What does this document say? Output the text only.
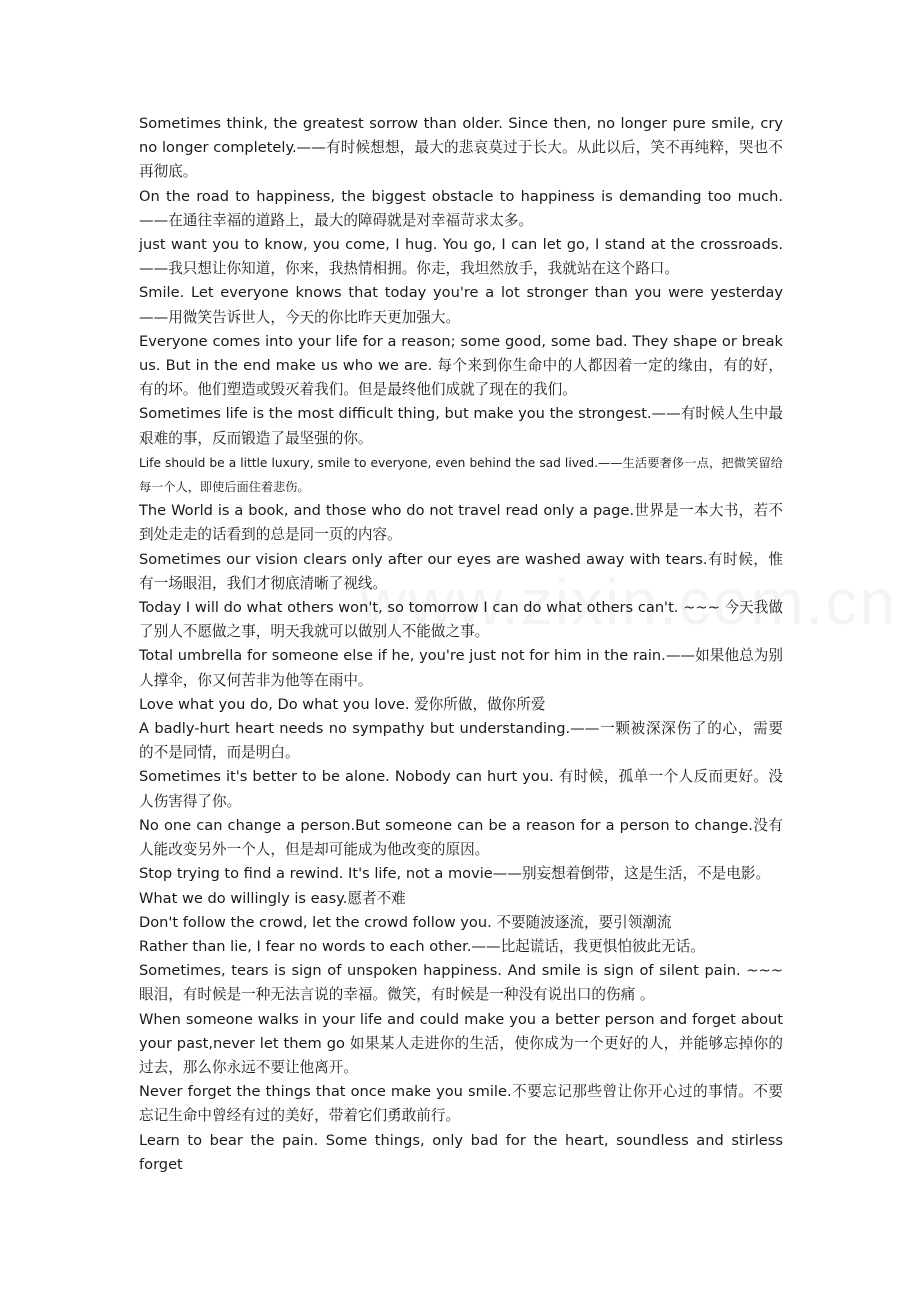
Sometimes think, the greatest sorrow than older. Since then, no longer pure smile, cry no longer completely.——有时候想想，最大的悲哀莫过于长大。从此以后，笑不再纯粹，哭也不再彻底。

On the road to happiness, the biggest obstacle to happiness is demanding too much.——在通往幸福的道路上，最大的障碍就是对幸福苛求太多。

just want you to know, you come, I hug. You go, I can let go, I stand at the crossroads.——我只想让你知道，你来，我热情相拥。你走，我坦然放手，我就站在这个路口。

Smile. Let everyone knows that today you're a lot stronger than you were yesterday——用微笑告诉世人，今天的你比昨天更加强大。

Everyone comes into your life for a reason; some good, some bad. They shape or break us. But in the end make us who we are. 每个来到你生命中的人都因着一定的缘由，有的好，有的坏。他们塑造或毁灭着我们。但是最终他们成就了现在的我们。

Sometimes life is the most difficult thing, but make you the strongest.——有时候人生中最艰难的事，反而锻造了最坚强的你。

Life should be a little luxury, smile to everyone, even behind the sad lived.——生活要奢侈一点，把微笑留给每一个人，即使后面住着悲伤。

The World is a book, and those who do not travel read only a page.世界是一本大书，若不到处走走的话看到的总是同一页的内容。

Sometimes our vision clears only after our eyes are washed away with tears.有时候，惟有一场眼泪，我们才彻底清晰了视线。

Today I will do what others won't, so tomorrow I can do what others can't. ~~~ 今天我做了别人不愿做之事，明天我就可以做别人不能做之事。

Total umbrella for someone else if he, you're just not for him in the rain.——如果他总为别人撑伞，你又何苦非为他等在雨中。

Love what you do, Do what you love. 爱你所做，做你所爱

A badly-hurt heart needs no sympathy but understanding.——一颗被深深伤了的心，需要的不是同情，而是明白。

Sometimes it's better to be alone. Nobody can hurt you. 有时候，孤单一个人反而更好。没人伤害得了你。

No one can change a person.But someone can be a reason for a person to change.没有人能改变另外一个人，但是却可能成为他改变的原因。

Stop trying to find a rewind. It's life, not a movie——别妄想着倒带，这是生活，不是电影。

What we do willingly is easy.愿者不难

Don't follow the crowd, let the crowd follow you. 不要随波逐流，要引领潮流

Rather than lie, I fear no words to each other.——比起谎话，我更惧怕彼此无话。

Sometimes, tears is sign of unspoken happiness. And smile is sign of silent pain. ~~~ 眼泪，有时候是一种无法言说的幸福。微笑，有时候是一种没有说出口的伤痛 。

When someone walks in your life and could make you a better person and forget about your past,never let them go 如果某人走进你的生活，使你成为一个更好的人，并能够忘掉你的过去，那么你永远不要让他离开。

Never forget the things that once make you smile.不要忘记那些曾让你开心过的事情。不要忘记生命中曾经有过的美好，带着它们勇敢前行。

Learn to bear the pain. Some things, only bad for the heart, soundless and stirless forget
